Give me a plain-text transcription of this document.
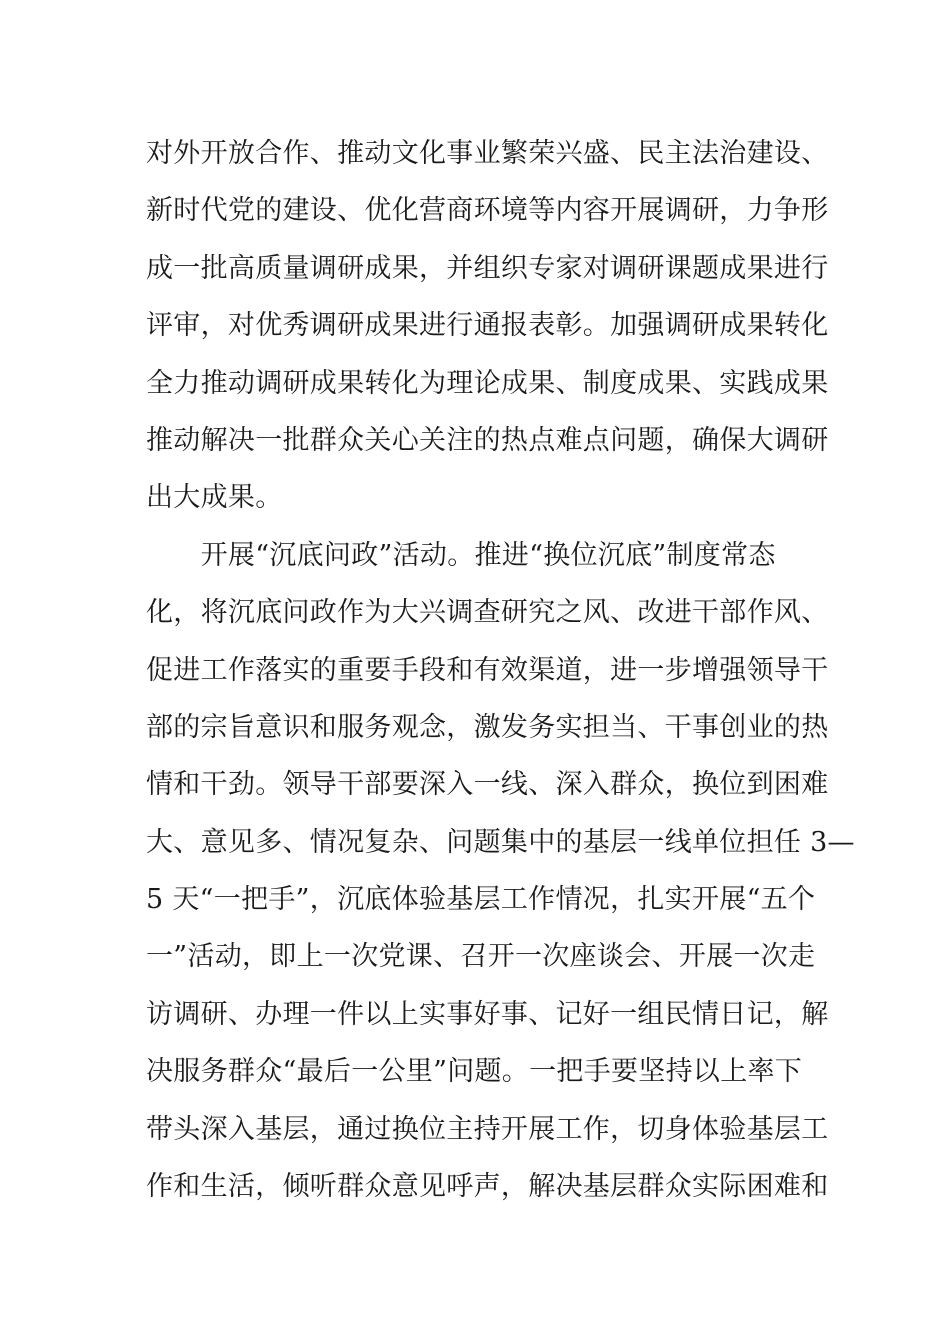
对外开放合作、推动文化事业繁荣兴盛、民主法治建设、
新时代党的建设、优化营商环境等内容开展调研，力争形
成一批高质量调研成果，并组织专家对调研课题成果进行
评审，对优秀调研成果进行通报表彰。加强调研成果转化
全力推动调研成果转化为理论成果、制度成果、实践成果
推动解决一批群众关心关注的热点难点问题，确保大调研
出大成果。
　　开展“沉底问政”活动。推进“换位沉底”制度常态
化，将沉底问政作为大兴调查研究之风、改进干部作风、
促进工作落实的重要手段和有效渠道，进一步增强领导干
部的宗旨意识和服务观念，激发务实担当、干事创业的热
情和干劲。领导干部要深入一线、深入群众，换位到困难
大、意见多、情况复杂、问题集中的基层一线单位担任 3—
5 天“一把手”，沉底体验基层工作情况，扎实开展“五个
一”活动，即上一次党课、召开一次座谈会、开展一次走
访调研、办理一件以上实事好事、记好一组民情日记，解
决服务群众“最后一公里”问题。一把手要坚持以上率下
带头深入基层，通过换位主持开展工作，切身体验基层工
作和生活，倾听群众意见呼声，解决基层群众实际困难和
